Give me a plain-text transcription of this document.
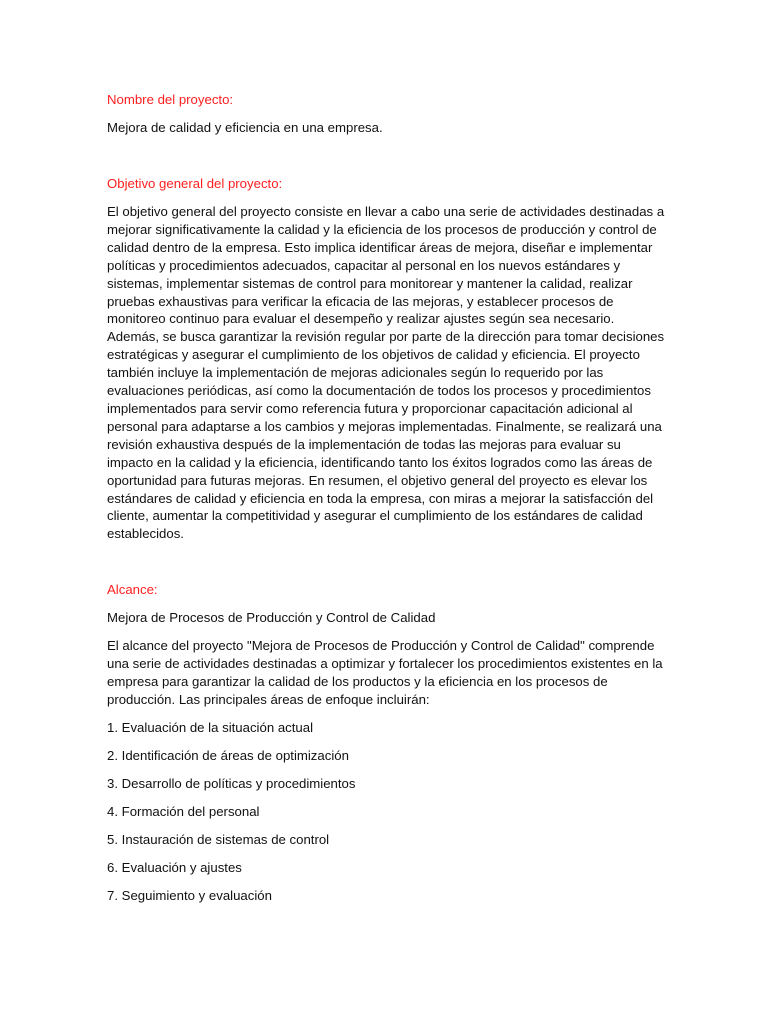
Nombre del proyecto:
Mejora de calidad y eficiencia en una empresa.
Objetivo general del proyecto:
El objetivo general del proyecto consiste en llevar a cabo una serie de actividades destinadas a mejorar significativamente la calidad y la eficiencia de los procesos de producción y control de calidad dentro de la empresa. Esto implica identificar áreas de mejora, diseñar e implementar políticas y procedimientos adecuados, capacitar al personal en los nuevos estándares y sistemas, implementar sistemas de control para monitorear y mantener la calidad, realizar pruebas exhaustivas para verificar la eficacia de las mejoras, y establecer procesos de monitoreo continuo para evaluar el desempeño y realizar ajustes según sea necesario. Además, se busca garantizar la revisión regular por parte de la dirección para tomar decisiones estratégicas y asegurar el cumplimiento de los objetivos de calidad y eficiencia. El proyecto también incluye la implementación de mejoras adicionales según lo requerido por las evaluaciones periódicas, así como la documentación de todos los procesos y procedimientos implementados para servir como referencia futura y proporcionar capacitación adicional al personal para adaptarse a los cambios y mejoras implementadas. Finalmente, se realizará una revisión exhaustiva después de la implementación de todas las mejoras para evaluar su impacto en la calidad y la eficiencia, identificando tanto los éxitos logrados como las áreas de oportunidad para futuras mejoras. En resumen, el objetivo general del proyecto es elevar los estándares de calidad y eficiencia en toda la empresa, con miras a mejorar la satisfacción del cliente, aumentar la competitividad y asegurar el cumplimiento de los estándares de calidad establecidos.
Alcance:
Mejora de Procesos de Producción y Control de Calidad
El alcance del proyecto "Mejora de Procesos de Producción y Control de Calidad" comprende una serie de actividades destinadas a optimizar y fortalecer los procedimientos existentes en la empresa para garantizar la calidad de los productos y la eficiencia en los procesos de producción. Las principales áreas de enfoque incluirán:
1. Evaluación de la situación actual
2. Identificación de áreas de optimización
3. Desarrollo de políticas y procedimientos
4. Formación del personal
5. Instauración de sistemas de control
6. Evaluación y ajustes
7. Seguimiento y evaluación
